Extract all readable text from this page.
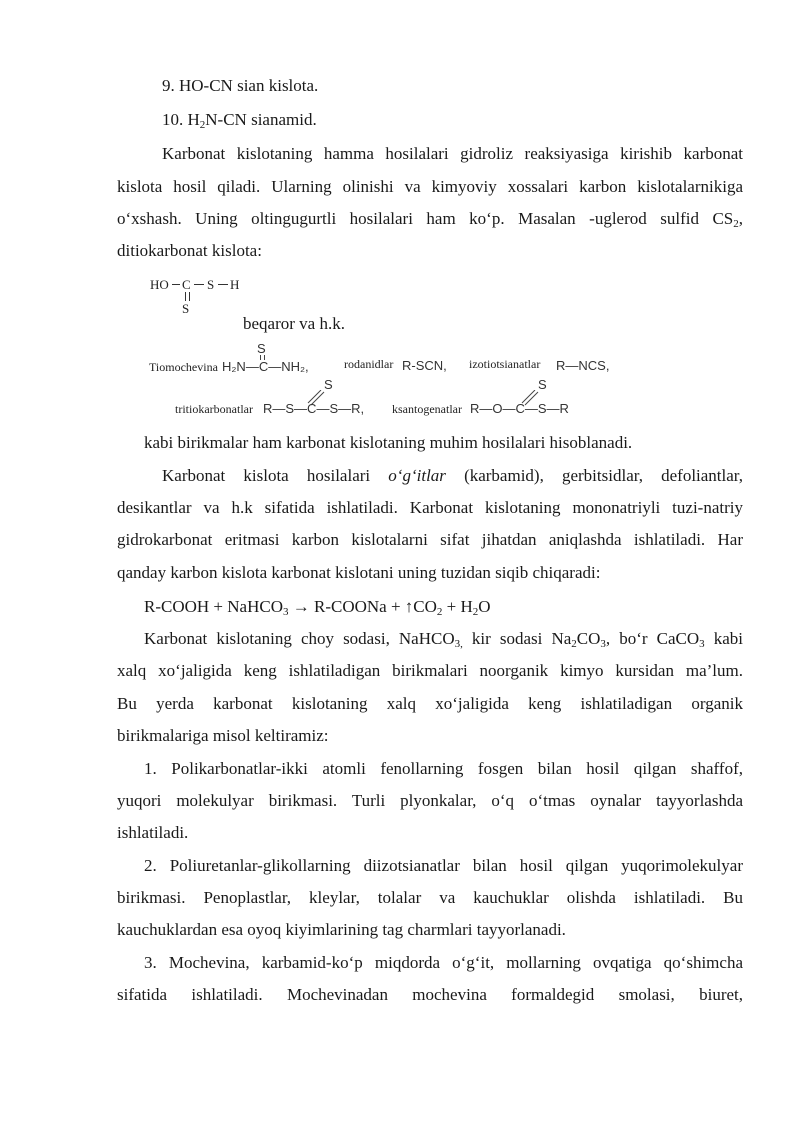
9. HO-CN sian kislota.
10. $H_2N-CN$ sianamid.
Karbonat kislotaning hamma hosilalari gidroliz reaksiyasiga kirishib karbonat
kislota hosil qiladi. Ularning olinishi va kimyoviy xossalari karbon kislotalarnikiga
o‘xshash. Uning oltingugurtli hosilalari ham ko‘p. Masalan -uglerod sulfid $CS_2$,
ditiokarbonat kislota:
HO C S H
S
beqaror va h.k.
Tiomochevina
S
H₂N—C—NH₂,	rodanidlar R-SCN, izotiotsianatlar R—NCS,
tritiokarbonatlar
S
R—S—C—S—R, ksantogenatlar
S
R—O—C—S—R
kabi birikmalar ham karbonat kislotaning muhim hosilalari hisoblanadi.
Karbonat kislota hosilalari o‘g‘itlar (karbamid), gerbitsidlar, defoliantlar,
desikantlar va h.k sifatida ishlatiladi. Karbonat kislotaning mononatriyli tuzi-natriy
gidrokarbonat eritmasi karbon kislotalarni sifat jihatdan aniqlashda ishlatiladi. Har
qanday karbon kislota karbonat kislotani uning tuzidan siqib chiqaradi:
R-COOH + NaHCO$_3$ → R-COONa + $↑CO_2 + H_2O$
Karbonat kislotaning choy sodasi, NaHCO$_{3,}$ kir sodasi $Na_2CO_3$, bo‘r CaCO$_3$ kabi
xalq xo‘jaligida keng ishlatiladigan birikmalari noorganik kimyo kursidan ma’lum.
Bu yerda karbonat kislotaning xalq xo‘jaligida keng ishlatiladigan organik
birikmalariga misol keltiramiz:
1. Polikarbonatlar-ikki atomli fenollarning fosgen bilan hosil qilgan shaffof,
yuqori molekulyar birikmasi. Turli plyonkalar, o‘q o‘tmas oynalar tayyorlashda
ishlatiladi.
2. Poliuretanlar-glikollarning diizotsianatlar bilan hosil qilgan yuqorimolekulyar
birikmasi. Penoplastlar, kleylar, tolalar va kauchuklar olishda ishlatiladi. Bu
kauchuklardan esa oyoq kiyimlarining tag charmlari tayyorlanadi.
3. Mochevina, karbamid-ko‘p miqdorda o‘g‘it, mollarning ovqatiga qo‘shimcha
sifatida ishlatiladi. Mochevinadan mochevina formaldegid smolasi, biuret,
